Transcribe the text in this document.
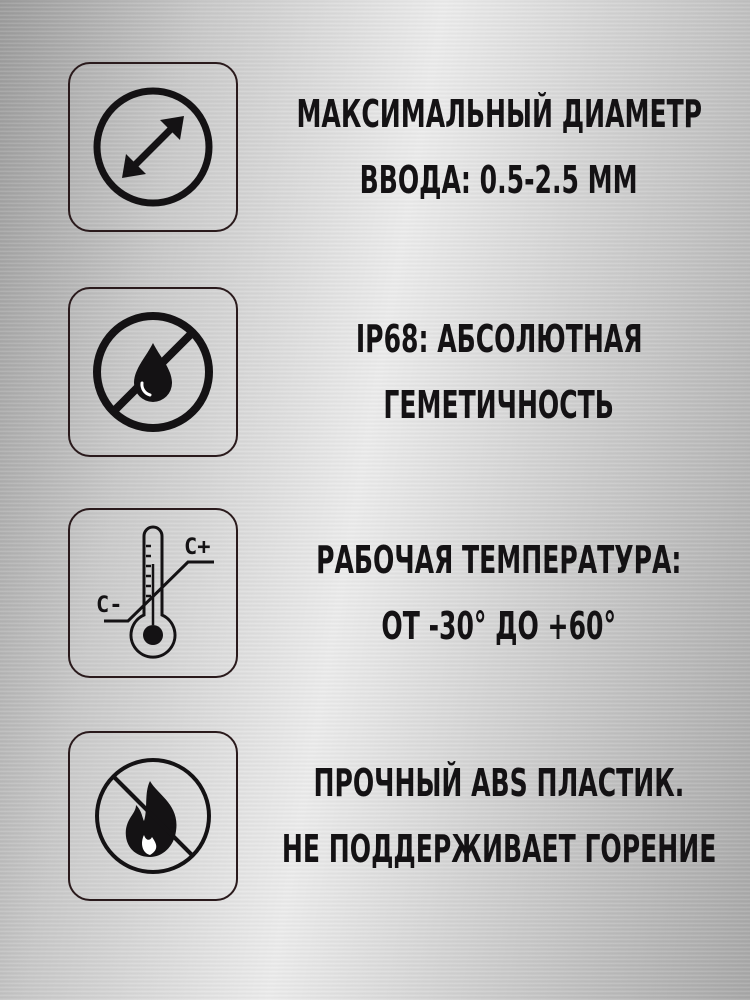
МАКСИМАЛЬНЫЙ ДИАМЕТР
ВВОДА: 0.5-2.5 ММ
IP68: АБСОЛЮТНАЯ
ГЕМЕТИЧНОСТЬ
C+
C-
РАБОЧАЯ ТЕМПЕРАТУРА:
ОТ -30° ДО +60°
ПРОЧНЫЙ ABS ПЛАСТИК.
НЕ ПОДДЕРЖИВАЕТ ГОРЕНИЕ
